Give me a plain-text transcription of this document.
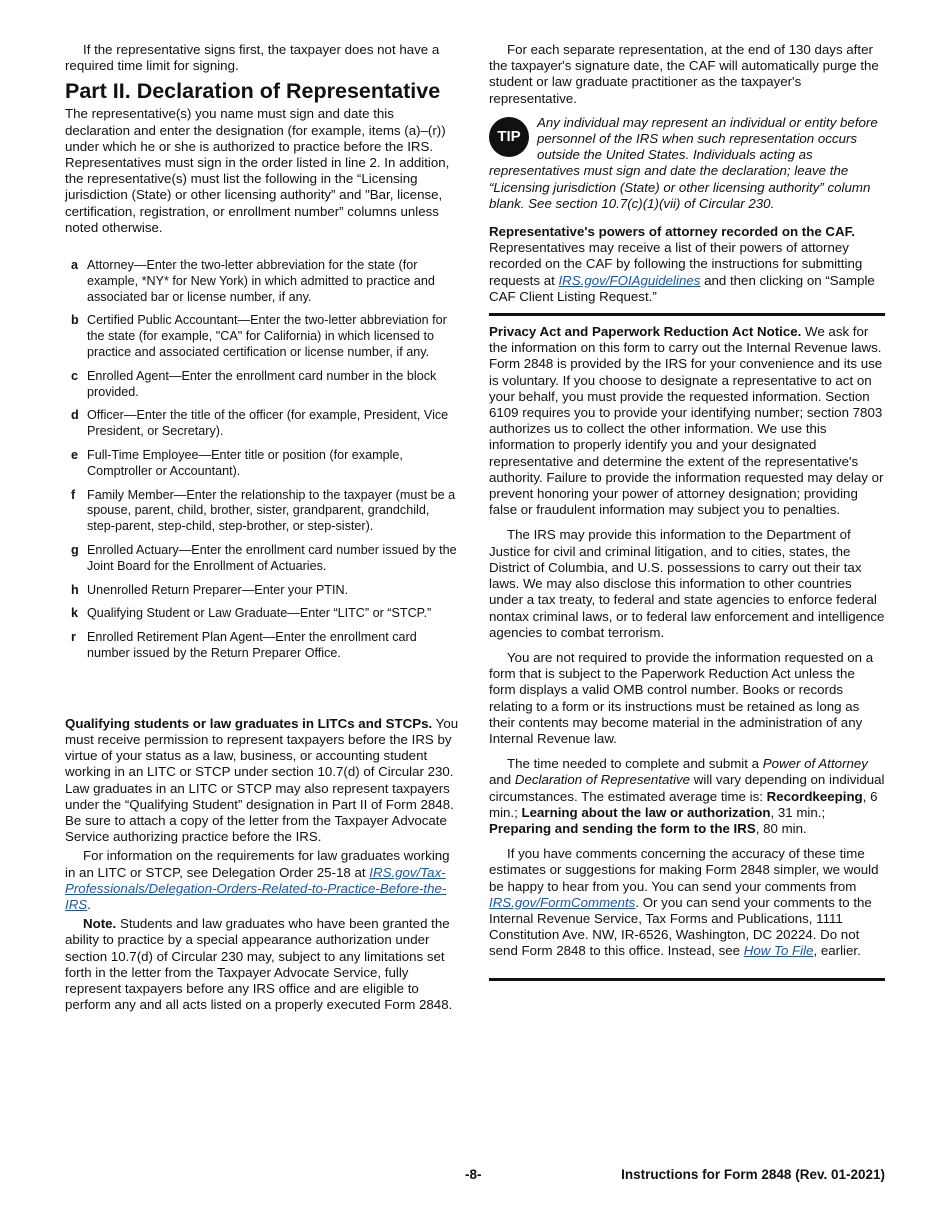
If the representative signs first, the taxpayer does not have a required time limit for signing.

Part II. Declaration of Representative

The representative(s) you name must sign and date this declaration and enter the designation (for example, items (a)–(r)) under which he or she is authorized to practice before the IRS. Representatives must sign in the order listed in line 2. In addition, the representative(s) must list the following in the “Licensing jurisdiction (State) or other licensing authority” and "Bar, license, certification, registration, or enrollment number” columns unless noted otherwise.

a Attorney—Enter the two-letter abbreviation for the state (for example, *NY* for New York) in which admitted to practice and associated bar or license number, if any.
b Certified Public Accountant—Enter the two-letter abbreviation for the state (for example, "CA" for California) in which licensed to practice and associated certification or license number, if any.
c Enrolled Agent—Enter the enrollment card number in the block provided.
d Officer—Enter the title of the officer (for example, President, Vice President, or Secretary).
e Full-Time Employee—Enter title or position (for example, Comptroller or Accountant).
f Family Member—Enter the relationship to the taxpayer (must be a spouse, parent, child, brother, sister, grandparent, grandchild, step-parent, step-child, step-brother, or step-sister).
g Enrolled Actuary—Enter the enrollment card number issued by the Joint Board for the Enrollment of Actuaries.
h Unenrolled Return Preparer—Enter your PTIN.
k Qualifying Student or Law Graduate—Enter “LITC” or “STCP.”
r Enrolled Retirement Plan Agent—Enter the enrollment card number issued by the Return Preparer Office.

Qualifying students or law graduates in LITCs and STCPs. You must receive permission to represent taxpayers before the IRS by virtue of your status as a law, business, or accounting student working in an LITC or STCP under section 10.7(d) of Circular 230. Law graduates in an LITC or STCP may also represent taxpayers under the “Qualifying Student” designation in Part II of Form 2848. Be sure to attach a copy of the letter from the Taxpayer Advocate Service authorizing practice before the IRS.

For information on the requirements for law graduates working in an LITC or STCP, see Delegation Order 25-18 at IRS.gov/Tax-Professionals/Delegation-Orders-Related-to-Practice-Before-the-IRS.

Note. Students and law graduates who have been granted the ability to practice by a special appearance authorization under section 10.7(d) of Circular 230 may, subject to any limitations set forth in the letter from the Taxpayer Advocate Service, fully represent taxpayers before any IRS office and are eligible to perform any and all acts listed on a properly executed Form 2848.

For each separate representation, at the end of 130 days after the taxpayer's signature date, the CAF will automatically purge the student or law graduate practitioner as the taxpayer's representative.

TIP

Any individual may represent an individual or entity before personnel of the IRS when such representation occurs outside the United States. Individuals acting as representatives must sign and date the declaration; leave the “Licensing jurisdiction (State) or other licensing authority” column blank. See section 10.7(c)(1)(vii) of Circular 230.

Representative's powers of attorney recorded on the CAF. Representatives may receive a list of their powers of attorney recorded on the CAF by following the instructions for submitting requests at IRS.gov/FOIAguidelines and then clicking on “Sample CAF Client Listing Request.”

Privacy Act and Paperwork Reduction Act Notice. We ask for the information on this form to carry out the Internal Revenue laws. Form 2848 is provided by the IRS for your convenience and its use is voluntary. If you choose to designate a representative to act on your behalf, you must provide the requested information. Section 6109 requires you to provide your identifying number; section 7803 authorizes us to collect the other information. We use this information to properly identify you and your designated representative and determine the extent of the representative's authority. Failure to provide the information requested may delay or prevent honoring your power of attorney designation; providing false or fraudulent information may subject you to penalties.

The IRS may provide this information to the Department of Justice for civil and criminal litigation, and to cities, states, the District of Columbia, and U.S. possessions to carry out their tax laws. We may also disclose this information to other countries under a tax treaty, to federal and state agencies to enforce federal nontax criminal laws, or to federal law enforcement and intelligence agencies to combat terrorism.

You are not required to provide the information requested on a form that is subject to the Paperwork Reduction Act unless the form displays a valid OMB control number. Books or records relating to a form or its instructions must be retained as long as their contents may become material in the administration of any Internal Revenue law.

The time needed to complete and submit a Power of Attorney and Declaration of Representative will vary depending on individual circumstances. The estimated average time is: Recordkeeping, 6 min.; Learning about the law or authorization, 31 min.; Preparing and sending the form to the IRS, 80 min.

If you have comments concerning the accuracy of these time estimates or suggestions for making Form 2848 simpler, we would be happy to hear from you. You can send your comments from IRS.gov/FormComments. Or you can send your comments to the Internal Revenue Service, Tax Forms and Publications, 1111 Constitution Ave. NW, IR-6526, Washington, DC 20224. Do not send Form 2848 to this office. Instead, see How To File, earlier.

-8-	Instructions for Form 2848 (Rev. 01-2021)
